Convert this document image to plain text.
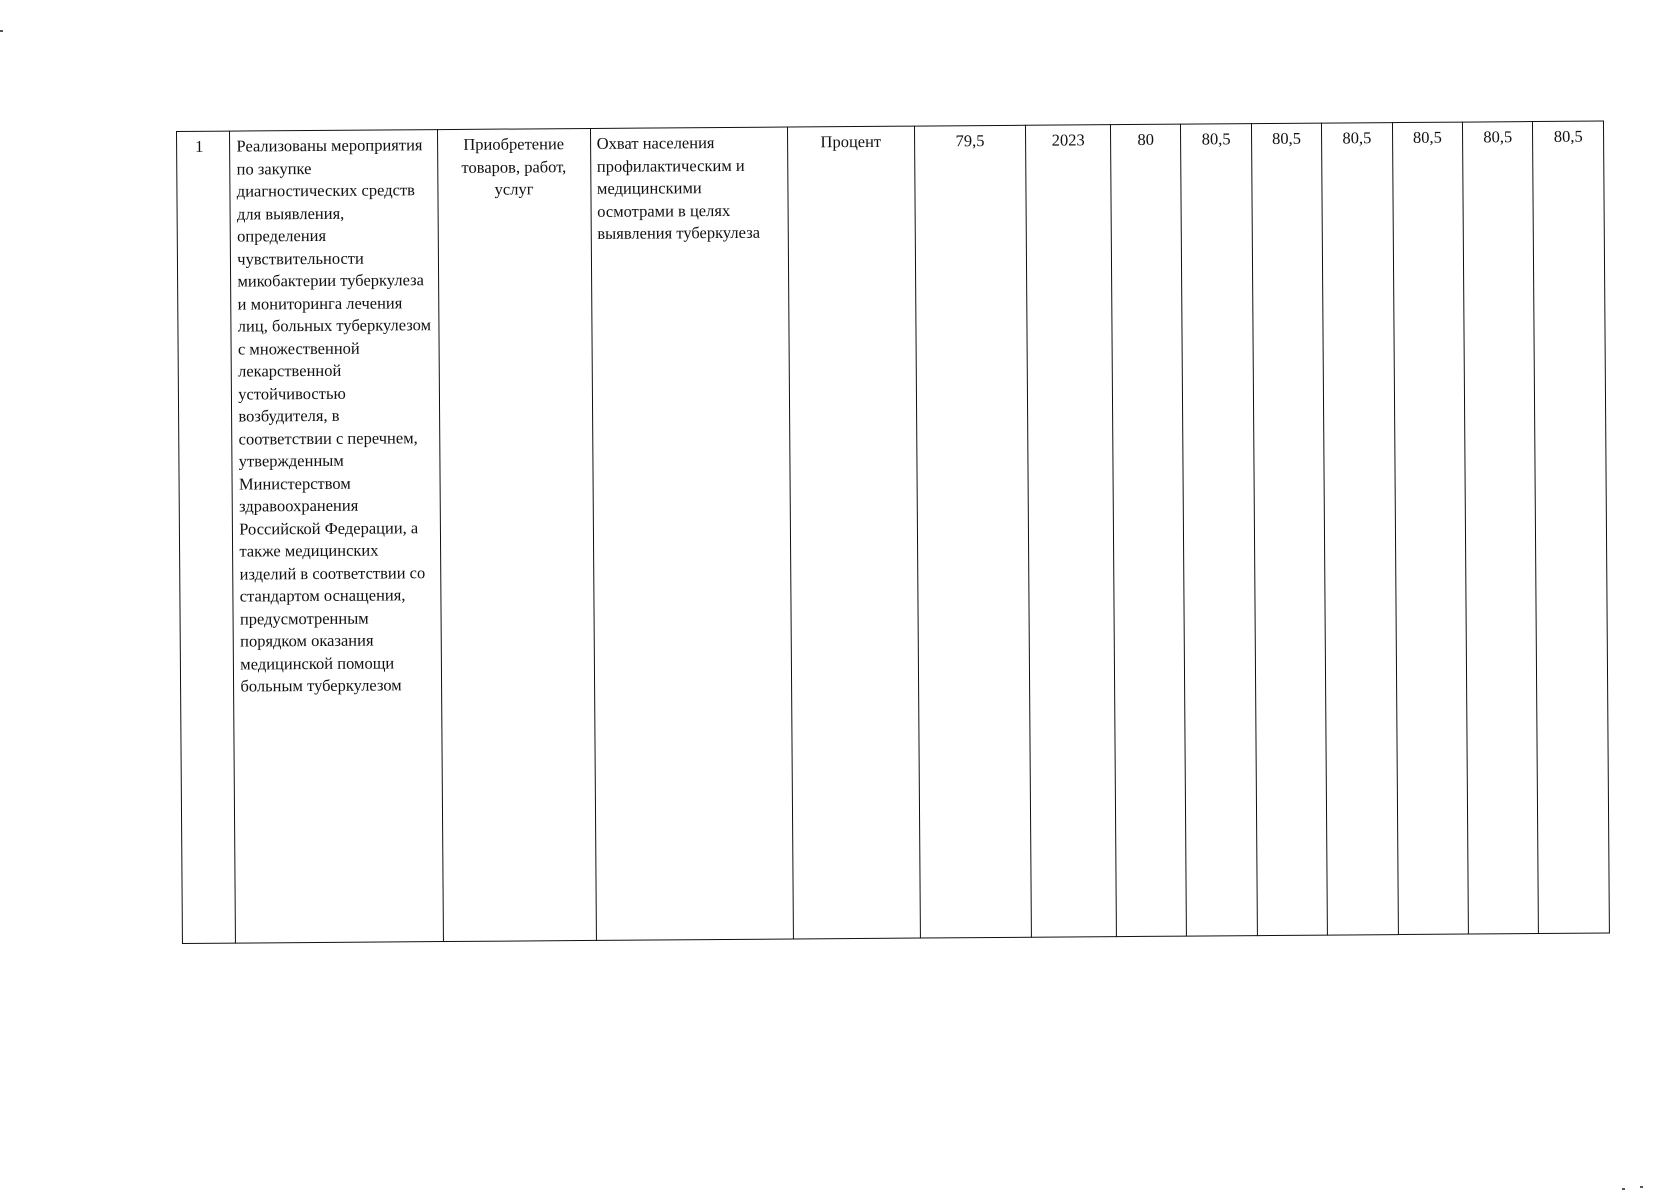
1	Реализованы мероприятия по закупке диагностических средств для выявления, определения чувствительности микобактерии туберкулеза и мониторинга лечения лиц, больных туберкулезом с множественной лекарственной устойчивостью возбудителя, в соответствии с перечнем, утвержденным Министерством здравоохранения Российской Федерации, а также медицинских изделий в соответствии со стандартом оснащения, предусмотренным порядком оказания медицинской помощи больным туберкулезом	Приобретение товаров, работ, услуг	Охват населения профилактическим и медицинскими осмотрами в целях выявления туберкулеза	Процент	79,5	2023	80	80,5	80,5	80,5	80,5	80,5	80,5
